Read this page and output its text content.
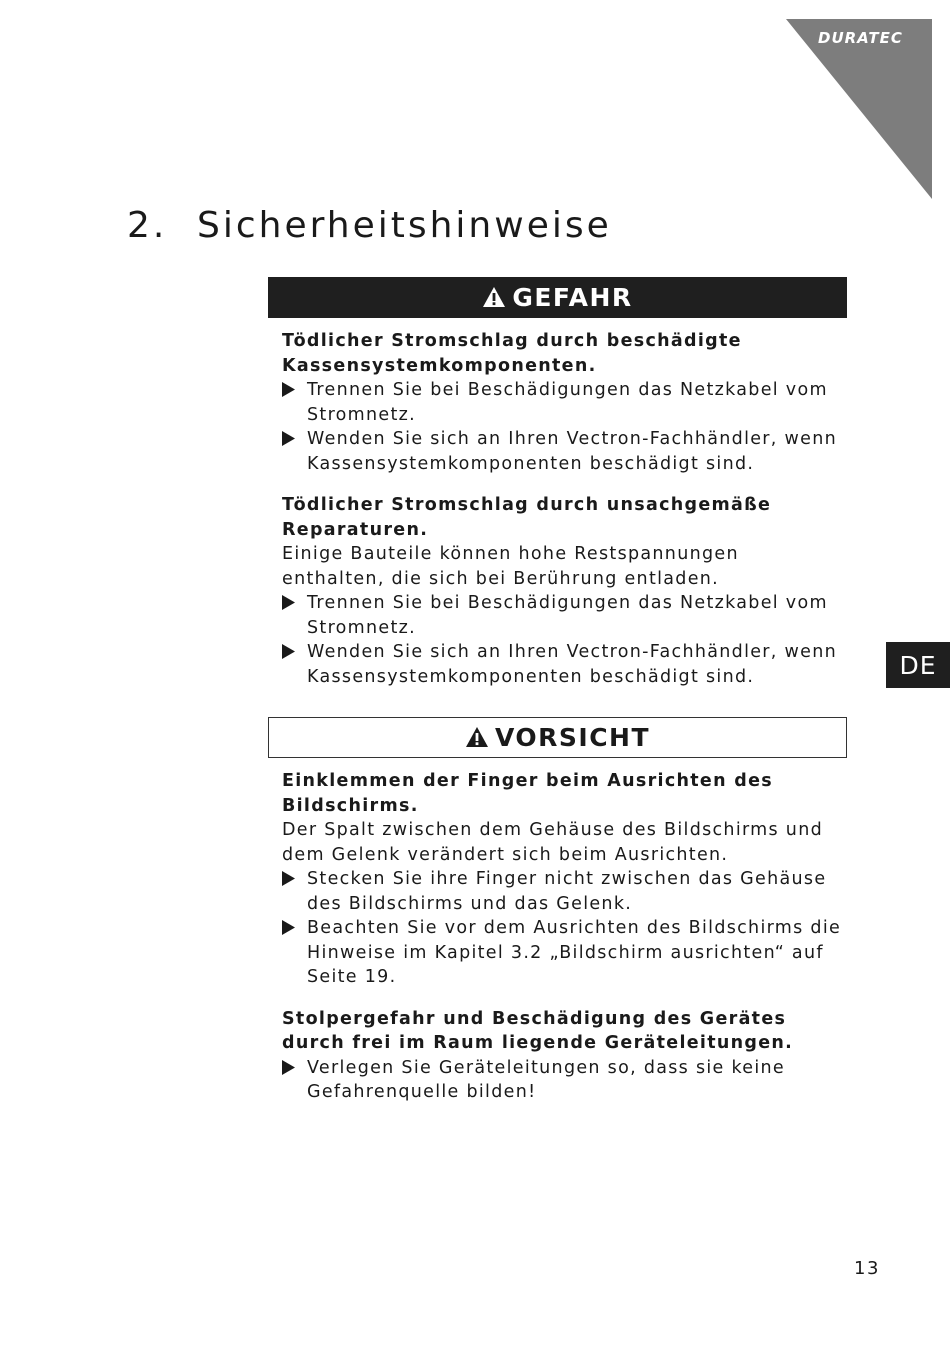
DURATEC
2. Sicherheitshinweise
GEFAHR
Tödlicher Stromschlag durch beschädigte Kassensystemkomponenten.
Trennen Sie bei Beschädigungen das Netzkabel vom Stromnetz.
Wenden Sie sich an Ihren Vectron-Fachhändler, wenn Kassensystemkomponenten beschädigt sind.
Tödlicher Stromschlag durch unsachgemäße Reparaturen.
Einige Bauteile können hohe Restspannungen enthalten, die sich bei Berührung entladen.
Trennen Sie bei Beschädigungen das Netzkabel vom Stromnetz.
Wenden Sie sich an Ihren Vectron-Fachhändler, wenn Kassensystemkomponenten beschädigt sind.
VORSICHT
Einklemmen der Finger beim Ausrichten des Bildschirms.
Der Spalt zwischen dem Gehäuse des Bildschirms und dem Gelenk verändert sich beim Ausrichten.
Stecken Sie ihre Finger nicht zwischen das Gehäuse des Bildschirms und das Gelenk.
Beachten Sie vor dem Ausrichten des Bildschirms die Hinweise im Kapitel 3.2 „Bildschirm ausrichten“ auf Seite 19.
Stolpergefahr und Beschädigung des Gerätes durch frei im Raum liegende Geräteleitungen.
Verlegen Sie Geräteleitungen so, dass sie keine Gefahrenquelle bilden!
DE
13
